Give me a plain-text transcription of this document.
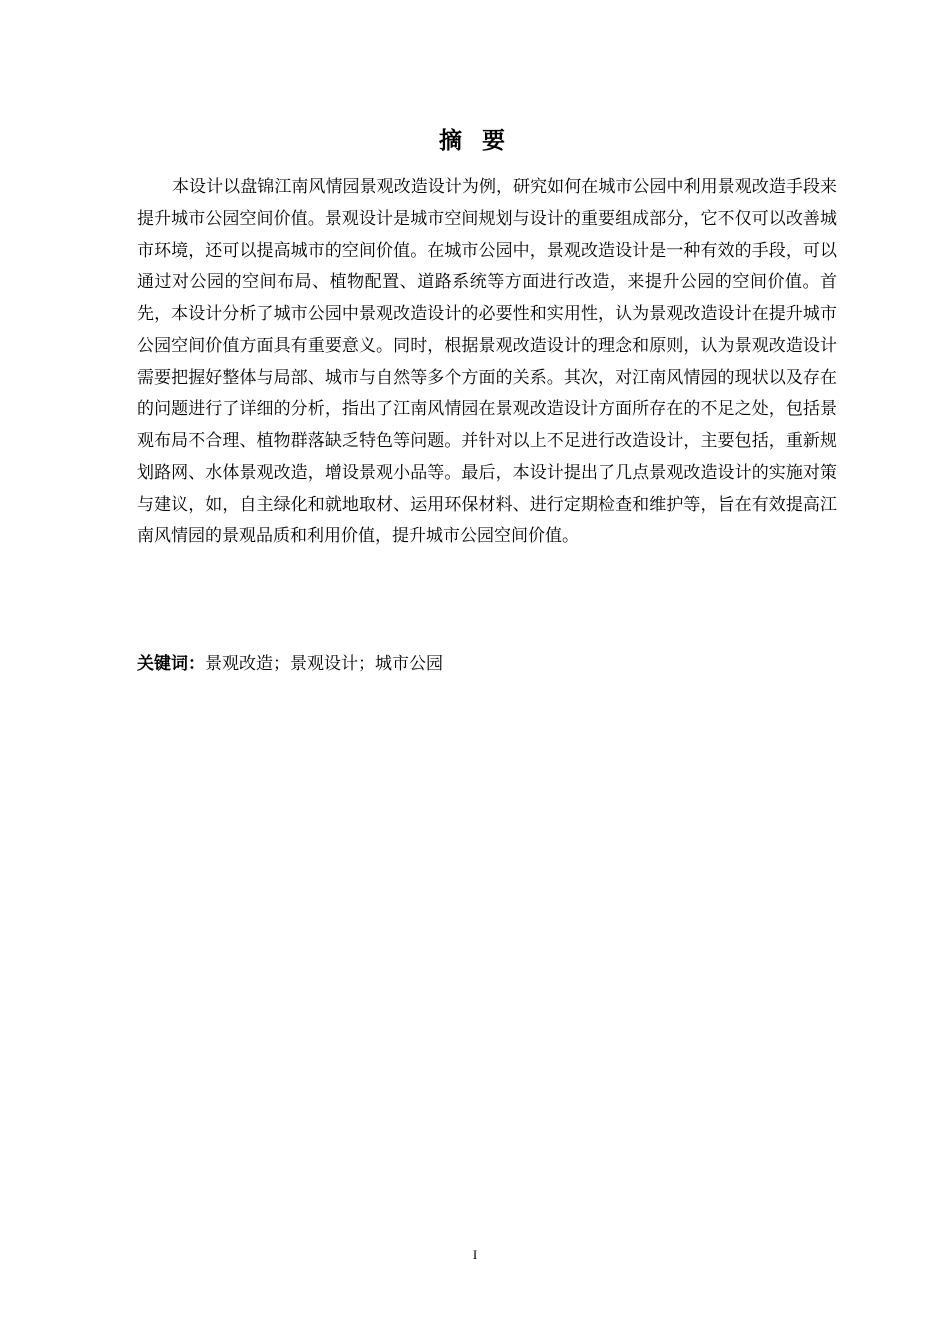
摘 要

本设计以盘锦江南风情园景观改造设计为例，研究如何在城市公园中利用景观改造手段来提升城市公园空间价值。景观设计是城市空间规划与设计的重要组成部分，它不仅可以改善城市环境，还可以提高城市的空间价值。在城市公园中，景观改造设计是一种有效的手段，可以通过对公园的空间布局、植物配置、道路系统等方面进行改造，来提升公园的空间价值。首先，本设计分析了城市公园中景观改造设计的必要性和实用性，认为景观改造设计在提升城市公园空间价值方面具有重要意义。同时，根据景观改造设计的理念和原则，认为景观改造设计需要把握好整体与局部、城市与自然等多个方面的关系。其次，对江南风情园的现状以及存在的问题进行了详细的分析，指出了江南风情园在景观改造设计方面所存在的不足之处，包括景观布局不合理、植物群落缺乏特色等问题。并针对以上不足进行改造设计，主要包括，重新规划路网、水体景观改造，增设景观小品等。最后，本设计提出了几点景观改造设计的实施对策与建议，如，自主绿化和就地取材、运用环保材料、进行定期检查和维护等，旨在有效提高江南风情园的景观品质和利用价值，提升城市公园空间价值。

关键词：景观改造；景观设计；城市公园
I
